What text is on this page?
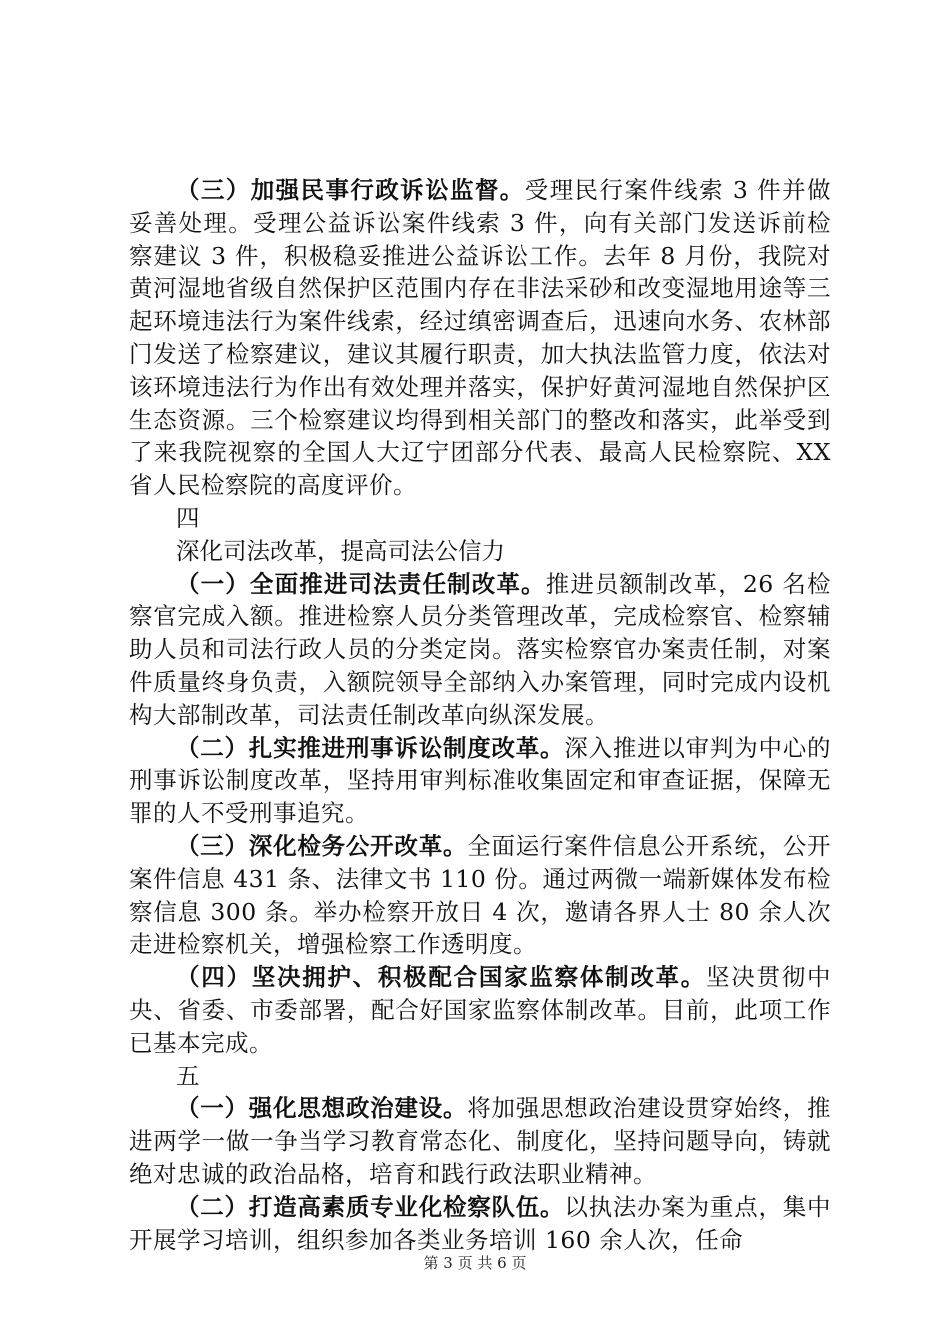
（三）加强民事行政诉讼监督。受理民行案件线索 3 件并做妥善处理。受理公益诉讼案件线索 3 件，向有关部门发送诉前检察建议 3 件，积极稳妥推进公益诉讼工作。去年 8 月份，我院对黄河湿地省级自然保护区范围内存在非法采砂和改变湿地用途等三起环境违法行为案件线索，经过缜密调查后，迅速向水务、农林部门发送了检察建议，建议其履行职责，加大执法监管力度，依法对该环境违法行为作出有效处理并落实，保护好黄河湿地自然保护区生态资源。三个检察建议均得到相关部门的整改和落实，此举受到了来我院视察的全国人大辽宁团部分代表、最高人民检察院、XX 省人民检察院的高度评价。

四

深化司法改革，提高司法公信力

（一）全面推进司法责任制改革。推进员额制改革，26 名检察官完成入额。推进检察人员分类管理改革，完成检察官、检察辅助人员和司法行政人员的分类定岗。落实检察官办案责任制，对案件质量终身负责，入额院领导全部纳入办案管理，同时完成内设机构大部制改革，司法责任制改革向纵深发展。

（二）扎实推进刑事诉讼制度改革。深入推进以审判为中心的刑事诉讼制度改革，坚持用审判标准收集固定和审查证据，保障无罪的人不受刑事追究。

（三）深化检务公开改革。全面运行案件信息公开系统，公开案件信息 431 条、法律文书 110 份。通过两微一端新媒体发布检察信息 300 条。举办检察开放日 4 次，邀请各界人士 80 余人次走进检察机关，增强检察工作透明度。

（四）坚决拥护、积极配合国家监察体制改革。坚决贯彻中央、省委、市委部署，配合好国家监察体制改革。目前，此项工作已基本完成。

五

（一）强化思想政治建设。将加强思想政治建设贯穿始终，推进两学一做一争当学习教育常态化、制度化，坚持问题导向，铸就绝对忠诚的政治品格，培育和践行政法职业精神。

（二）打造高素质专业化检察队伍。以执法办案为重点，集中开展学习培训，组织参加各类业务培训 160 余人次，任命

第 3 页 共 6 页
